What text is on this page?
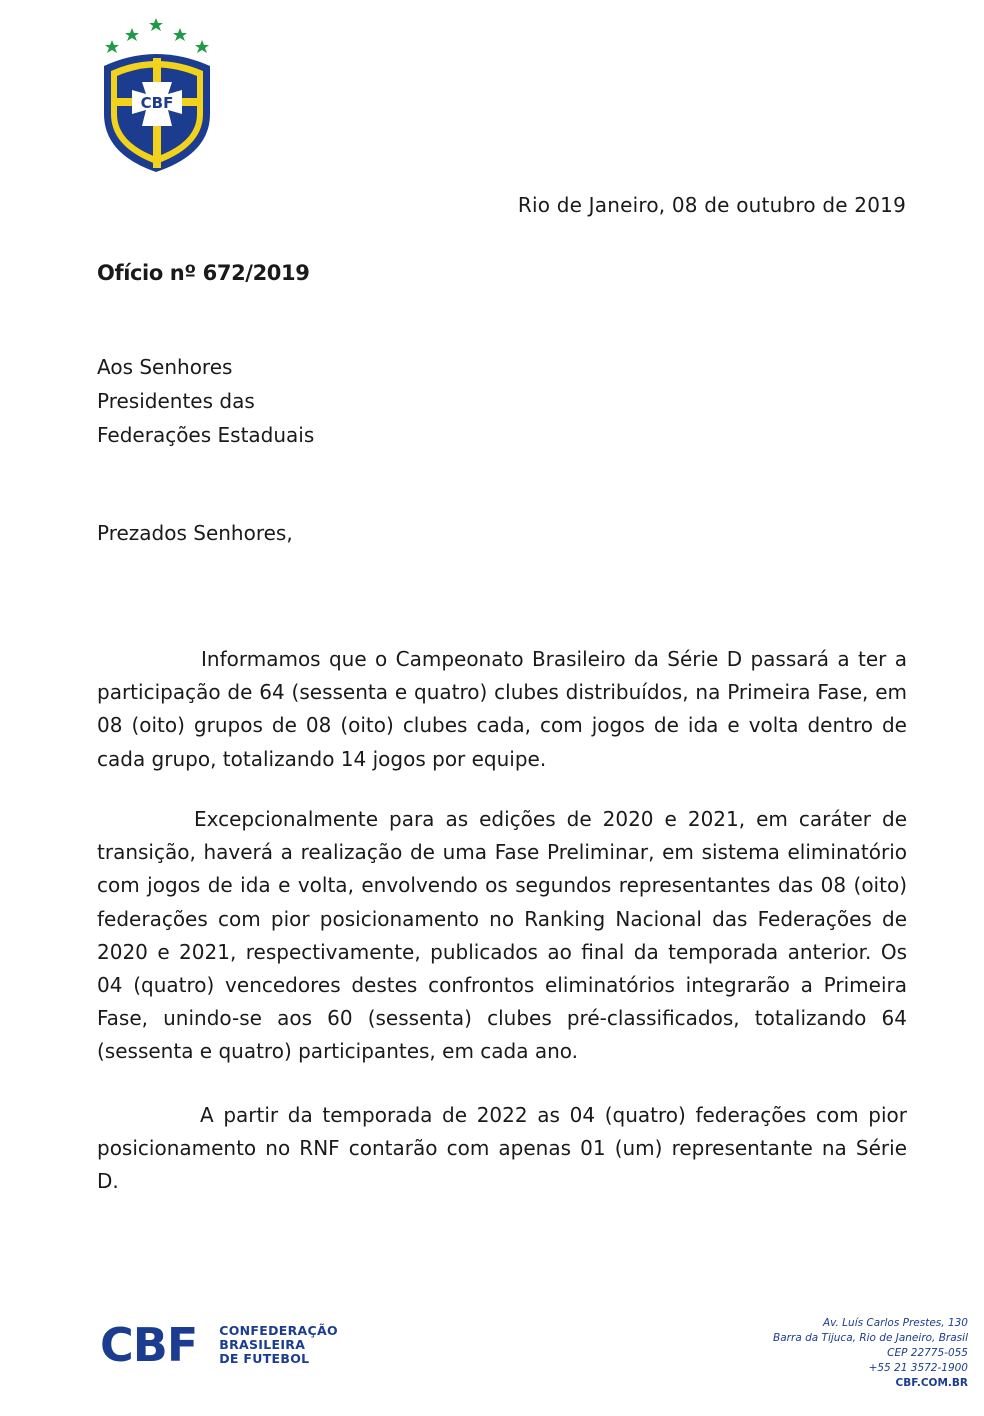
CBF
Rio de Janeiro, 08 de outubro de 2019
Ofício nº 672/2019
Aos Senhores
Presidentes das
Federações Estaduais
Prezados Senhores,
Informamos que o Campeonato Brasileiro da Série D passará a ter a participação de 64 (sessenta e quatro) clubes distribuídos, na Primeira Fase, em 08 (oito) grupos de 08 (oito) clubes cada, com jogos de ida e volta dentro de cada grupo, totalizando 14 jogos por equipe.
Excepcionalmente para as edições de 2020 e 2021, em caráter de transição, haverá a realização de uma Fase Preliminar, em sistema eliminatório com jogos de ida e volta, envolvendo os segundos representantes das 08 (oito) federações com pior posicionamento no Ranking Nacional das Federações de 2020 e 2021, respectivamente, publicados ao final da temporada anterior. Os 04 (quatro) vencedores destes confrontos eliminatórios integrarão a Primeira Fase, unindo-se aos 60 (sessenta) clubes pré-classificados, totalizando 64 (sessenta e quatro) participantes, em cada ano.
A partir da temporada de 2022 as 04 (quatro) federações com pior posicionamento no RNF contarão com apenas 01 (um) representante na Série D.
CBF CONFEDERAÇÃO
BRASILEIRA
DE FUTEBOL
Av. Luís Carlos Prestes, 130
Barra da Tijuca, Rio de Janeiro, Brasil
CEP 22775-055
+55 21 3572-1900
CBF.COM.BR
